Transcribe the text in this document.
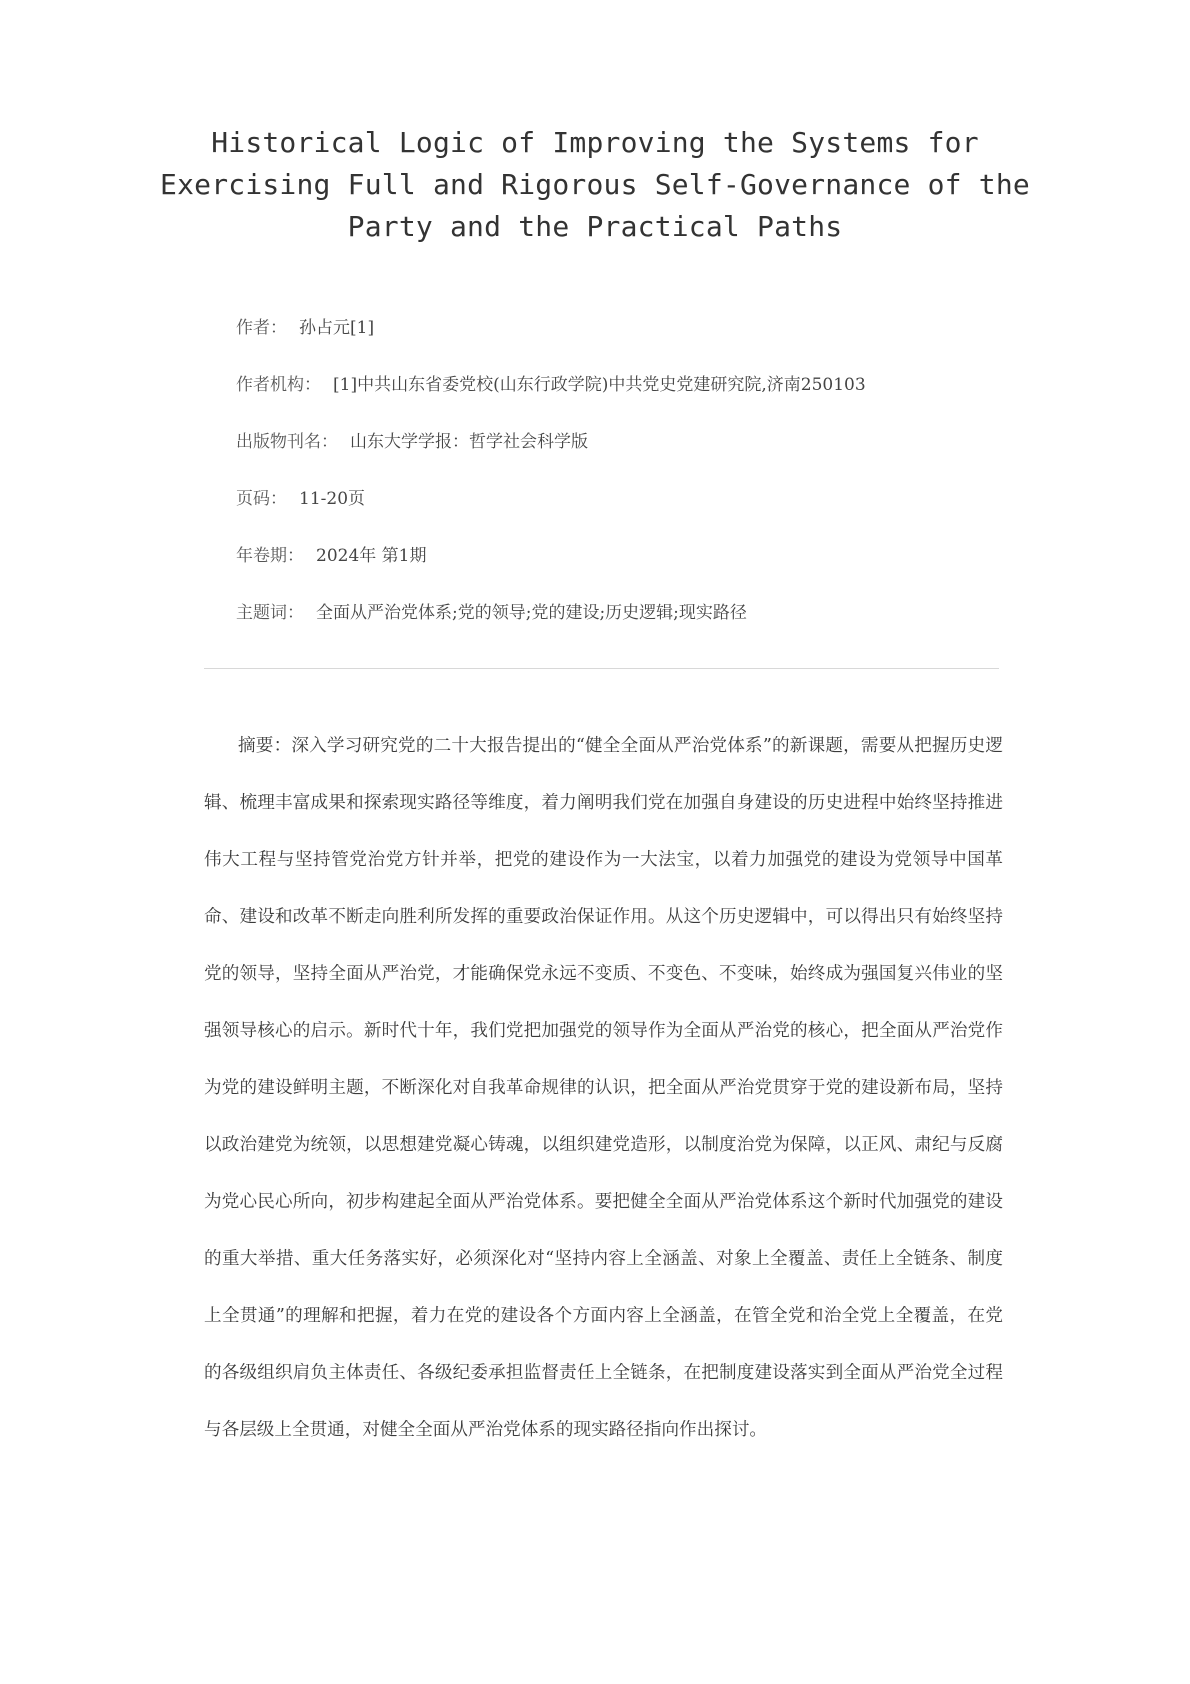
Historical Logic of Improving the Systems for Exercising Full and Rigorous Self-Governance of the Party and the Practical Paths
作者： 孙占元[1]
作者机构： [1]中共山东省委党校(山东行政学院)中共党史党建研究院,济南250103
出版物刊名： 山东大学学报：哲学社会科学版
页码： 11-20页
年卷期： 2024年 第1期
主题词： 全面从严治党体系;党的领导;党的建设;历史逻辑;现实路径

摘要：深入学习研究党的二十大报告提出的“健全全面从严治党体系”的新课题，需要从把握历史逻辑、梳理丰富成果和探索现实路径等维度，着力阐明我们党在加强自身建设的历史进程中始终坚持推进伟大工程与坚持管党治党方针并举，把党的建设作为一大法宝，以着力加强党的建设为党领导中国革命、建设和改革不断走向胜利所发挥的重要政治保证作用。从这个历史逻辑中，可以得出只有始终坚持党的领导，坚持全面从严治党，才能确保党永远不变质、不变色、不变味，始终成为强国复兴伟业的坚强领导核心的启示。新时代十年，我们党把加强党的领导作为全面从严治党的核心，把全面从严治党作为党的建设鲜明主题，不断深化对自我革命规律的认识，把全面从严治党贯穿于党的建设新布局，坚持以政治建党为统领，以思想建党凝心铸魂，以组织建党造形，以制度治党为保障，以正风、肃纪与反腐为党心民心所向，初步构建起全面从严治党体系。要把健全全面从严治党体系这个新时代加强党的建设的重大举措、重大任务落实好，必须深化对“坚持内容上全涵盖、对象上全覆盖、责任上全链条、制度上全贯通”的理解和把握，着力在党的建设各个方面内容上全涵盖，在管全党和治全党上全覆盖，在党的各级组织肩负主体责任、各级纪委承担监督责任上全链条，在把制度建设落实到全面从严治党全过程与各层级上全贯通，对健全全面从严治党体系的现实路径指向作出探讨。
